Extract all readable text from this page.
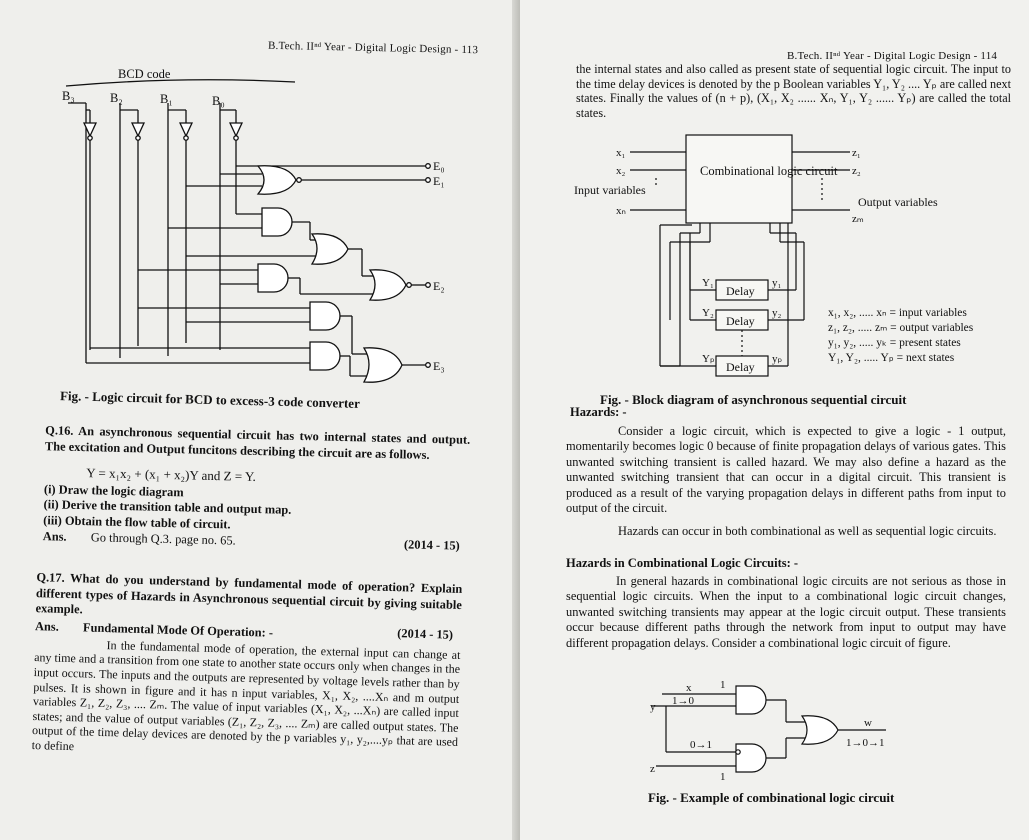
B.Tech. IIⁿᵈ Year - Digital Logic Design - 113
BCD code
B₃	B₂	B₁	B₀
E₀
E₁
E₂
E₃
Fig. - Logic circuit for BCD to excess-3 code converter
Q.16. An asynchronous sequential circuit has two internal states and output. The excitation and Output funcitons describing the circuit are as follows.
Y = x₁x₂ + (x₁ + x₂)Y and Z = Y.
(i) Draw the logic diagram
(ii) Derive the transition table and output map.
(iii) Obtain the flow table of circuit.
Ans. Go through Q.3. page no. 65.	(2014 - 15)
Q.17. What do you understand by fundamental mode of operation? Explain different types of Hazards in Asynchronous sequential circuit by giving suitable example.
Ans. Fundamental Mode Of Operation: -	(2014 - 15)
In the fundamental mode of operation, the external input can change at any time and a transition from one state to another state occurs only when changes in the input occurs. The inputs and the outputs are represented by voltage levels rather than by pulses. It is shown in figure and it has n input variables, X₁, X₂, ....Xₙ and m output variables Z₁, Z₂, Z₃, .... Zₘ. The value of input variables (X₁, X₂, ...Xₙ) are called input states; and the value of output variables (Z₁, Z₂, Z₃, .... Zₘ) are called output states. The output of the time delay devices are denoted by the p variables y₁, y₂,....yₚ that are used to define
B.Tech. IIⁿᵈ Year - Digital Logic Design - 114
the internal states and also called as present state of sequential logic circuit. The input to the time delay devices is denoted by the p Boolean variables Y₁, Y₂ .... Yₚ are called next states. Finally the values of (n + p), (X₁, X₂ ...... Xₙ, Y₁, Y₂ ...... Yₚ) are called the total states.
Combinational logic circuit
Input variables
Output variables
x₁
x₂
xₙ
z₁
z₂
zₘ
Delay
Delay
Delay
Y₁
Y₂
Yₚ
y₁
y₂
yₚ
x₁, x₂, ..... xₙ = input variables
z₁, z₂, ..... zₘ = output variables
y₁, y₂, ..... yₖ = present states
Y₁, Y₂, ..... Yₚ = next states
Fig. - Block diagram of asynchronous sequential circuit
Hazards: -
Consider a logic circuit, which is expected to give a logic - 1 output, momentarily becomes logic 0 because of finite propagation delays of various gates. This unwanted switching transient is called hazard. We may also define a hazard as the unwanted switching transient that can occur in a digital circuit. This transient is produced as a result of the varying propagation delays in different paths from input to output of the circuit.
Hazards can occur in both combinational as well as sequential logic circuits.
Hazards in Combinational Logic Circuits: -
In general hazards in combinational logic circuits are not serious as those in sequential logic circuits. When the input to a combinational logic circuit changes, unwanted switching transients may appear at the logic circuit output. These transients occur because different paths through the network from input to output may have different propagation delays. Consider a combinational logic circuit of figure.
x	1
y 1→0
0→1
z
1
w
1→0→1
Fig. - Example of combinational logic circuit
